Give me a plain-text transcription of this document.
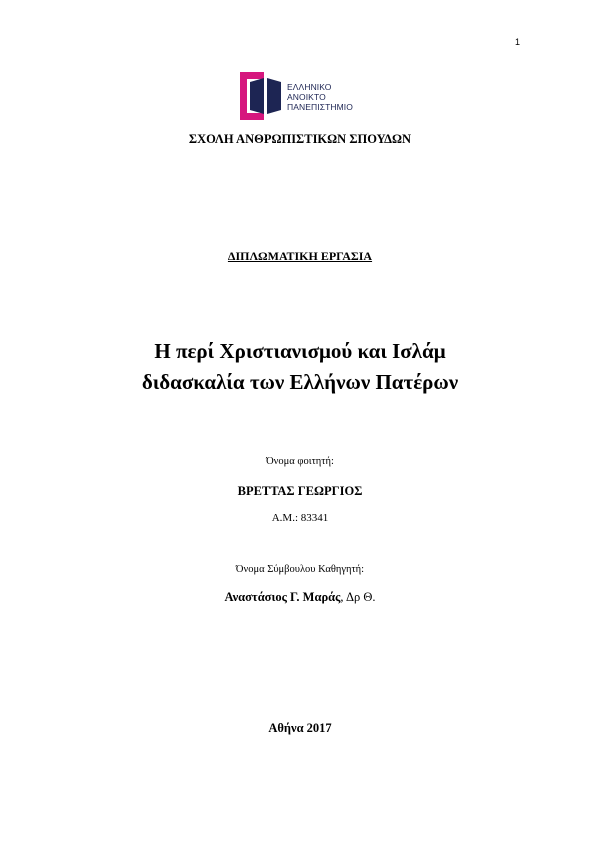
1
ΕΛΛΗΝΙΚΟ
ΑΝΟΙΚΤΟ
ΠΑΝΕΠΙΣΤΗΜΙΟ
ΣΧΟΛΗ ΑΝΘΡΩΠΙΣΤΙΚΩΝ ΣΠΟΥΔΩΝ
ΔΙΠΛΩΜΑΤΙΚΗ ΕΡΓΑΣΙΑ
Η περί Χριστιανισμού και Ισλάμ
διδασκαλία των Ελλήνων Πατέρων
Όνομα φοιτητή:
ΒΡΕΤΤΑΣ ΓΕΩΡΓΙΟΣ
Α.Μ.: 83341
Όνομα Σύμβουλου Καθηγητή:
Αναστάσιος Γ. Μαράς, Δρ Θ.
Αθήνα 2017
